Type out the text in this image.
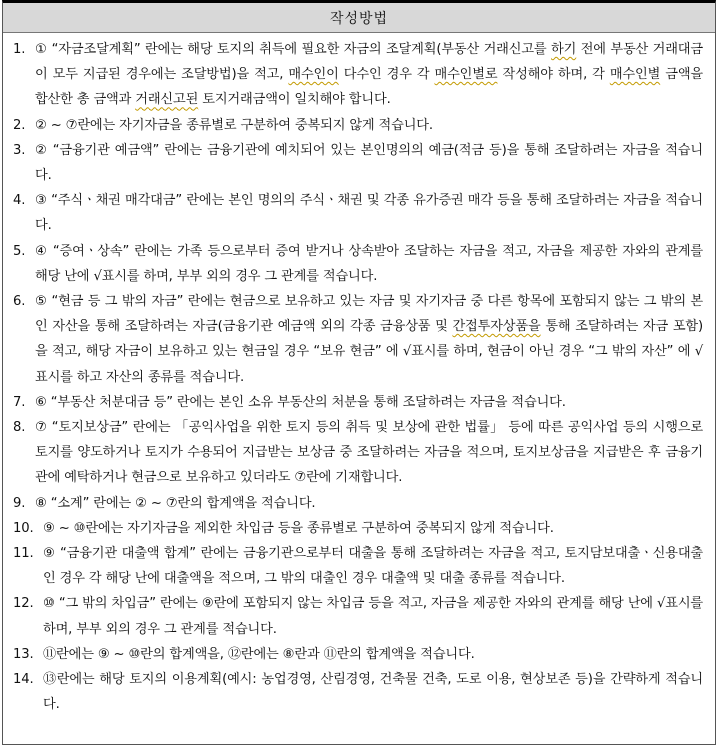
작성방법
1. ① “자금조달계획” 란에는 해당 토지의 취득에 필요한 자금의 조달계획(부동산 거래신고를 하기 전에 부동산 거래대금이 모두 지급된 경우에는 조달방법)을 적고, 매수인이 다수인 경우 각 매수인별로 작성해야 하며, 각 매수인별 금액을 합산한 총 금액과 거래신고된 토지거래금액이 일치해야 합니다.
2. ② ~ ⑦란에는 자기자금을 종류별로 구분하여 중복되지 않게 적습니다.
3. ② “금융기관 예금액” 란에는 금융기관에 예치되어 있는 본인명의의 예금(적금 등)을 통해 조달하려는 자금을 적습니다.
4. ③ “주식ㆍ채권 매각대금” 란에는 본인 명의의 주식ㆍ채권 및 각종 유가증권 매각 등을 통해 조달하려는 자금을 적습니다.
5. ④ “증여ㆍ상속” 란에는 가족 등으로부터 증여 받거나 상속받아 조달하는 자금을 적고, 자금을 제공한 자와의 관계를 해당 난에 √표시를 하며, 부부 외의 경우 그 관계를 적습니다.
6. ⑤ “현금 등 그 밖의 자금” 란에는 현금으로 보유하고 있는 자금 및 자기자금 중 다른 항목에 포함되지 않는 그 밖의 본인 자산을 통해 조달하려는 자금(금융기관 예금액 외의 각종 금융상품 및 간접투자상품을 통해 조달하려는 자금 포함)을 적고, 해당 자금이 보유하고 있는 현금일 경우 “보유 현금” 에 √표시를 하며, 현금이 아닌 경우 “그 밖의 자산” 에 √표시를 하고 자산의 종류를 적습니다.
7. ⑥ “부동산 처분대금 등” 란에는 본인 소유 부동산의 처분을 통해 조달하려는 자금을 적습니다.
8. ⑦ “토지보상금” 란에는 「공익사업을 위한 토지 등의 취득 및 보상에 관한 법률」 등에 따른 공익사업 등의 시행으로 토지를 양도하거나 토지가 수용되어 지급받는 보상금 중 조달하려는 자금을 적으며, 토지보상금을 지급받은 후 금융기관에 예탁하거나 현금으로 보유하고 있더라도 ⑦란에 기재합니다.
9. ⑧ “소계” 란에는 ② ~ ⑦란의 합계액을 적습니다.
10. ⑨ ~ ⑩란에는 자기자금을 제외한 차입금 등을 종류별로 구분하여 중복되지 않게 적습니다.
11. ⑨ “금융기관 대출액 합계” 란에는 금융기관으로부터 대출을 통해 조달하려는 자금을 적고, 토지담보대출ㆍ신용대출인 경우 각 해당 난에 대출액을 적으며, 그 밖의 대출인 경우 대출액 및 대출 종류를 적습니다.
12. ⑩ “그 밖의 차입금” 란에는 ⑨란에 포함되지 않는 차입금 등을 적고, 자금을 제공한 자와의 관계를 해당 난에 √표시를 하며, 부부 외의 경우 그 관계를 적습니다.
13. ⑪란에는 ⑨ ~ ⑩란의 합계액을, ⑫란에는 ⑧란과 ⑪란의 합계액을 적습니다.
14. ⑬란에는 해당 토지의 이용계획(예시: 농업경영, 산림경영, 건축물 건축, 도로 이용, 현상보존 등)을 간략하게 적습니다.
